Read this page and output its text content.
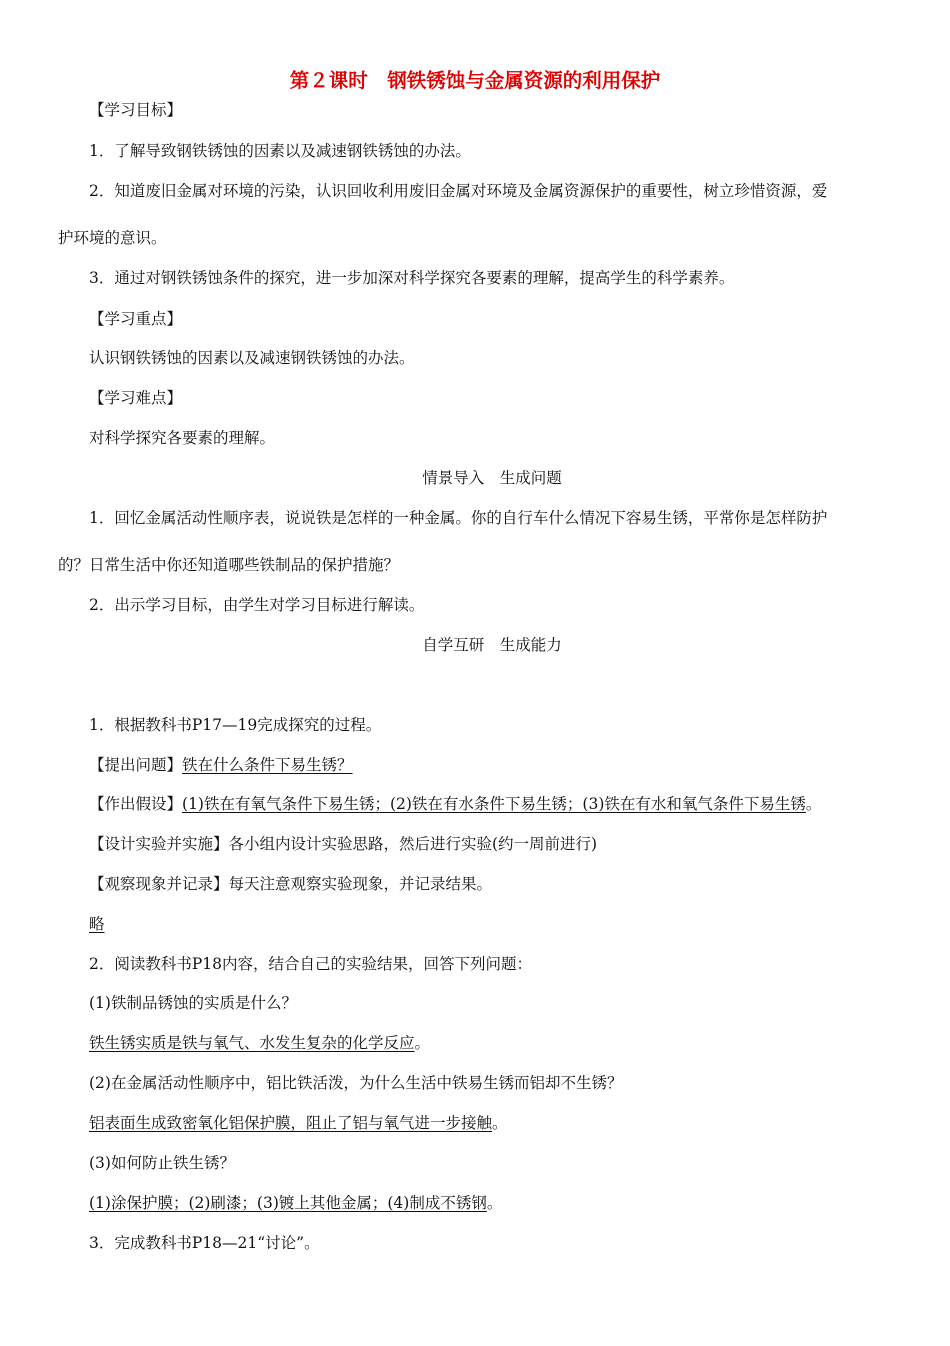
第２课时　钢铁锈蚀与金属资源的利用保护
【学习目标】
1．了解导致钢铁锈蚀的因素以及减速钢铁锈蚀的办法。
2．知道废旧金属对环境的污染，认识回收利用废旧金属对环境及金属资源保护的重要性，树立珍惜资源，爱
护环境的意识。
3．通过对钢铁锈蚀条件的探究，进一步加深对科学探究各要素的理解，提高学生的科学素养。
【学习重点】
认识钢铁锈蚀的因素以及减速钢铁锈蚀的办法。
【学习难点】
对科学探究各要素的理解。
情景导入　生成问题
1．回忆金属活动性顺序表，说说铁是怎样的一种金属。你的自行车什么情况下容易生锈，平常你是怎样防护
的？日常生活中你还知道哪些铁制品的保护措施？
2．出示学习目标，由学生对学习目标进行解读。
自学互研　生成能力
1．根据教科书P17—19完成探究的过程。
【提出问题】铁在什么条件下易生锈？
【作出假设】(1)铁在有氧气条件下易生锈；(2)铁在有水条件下易生锈；(3)铁在有水和氧气条件下易生锈。
【设计实验并实施】各小组内设计实验思路，然后进行实验(约一周前进行)
【观察现象并记录】每天注意观察实验现象，并记录结果。
略
2．阅读教科书P18内容，结合自己的实验结果，回答下列问题：
(1)铁制品锈蚀的实质是什么？
铁生锈实质是铁与氧气、水发生复杂的化学反应。
(2)在金属活动性顺序中，铝比铁活泼，为什么生活中铁易生锈而铝却不生锈？
铝表面生成致密氧化铝保护膜，阻止了铝与氧气进一步接触。
(3)如何防止铁生锈？
(1)涂保护膜；(2)刷漆；(3)镀上其他金属；(4)制成不锈钢。
3．完成教科书P18—21“讨论”。
